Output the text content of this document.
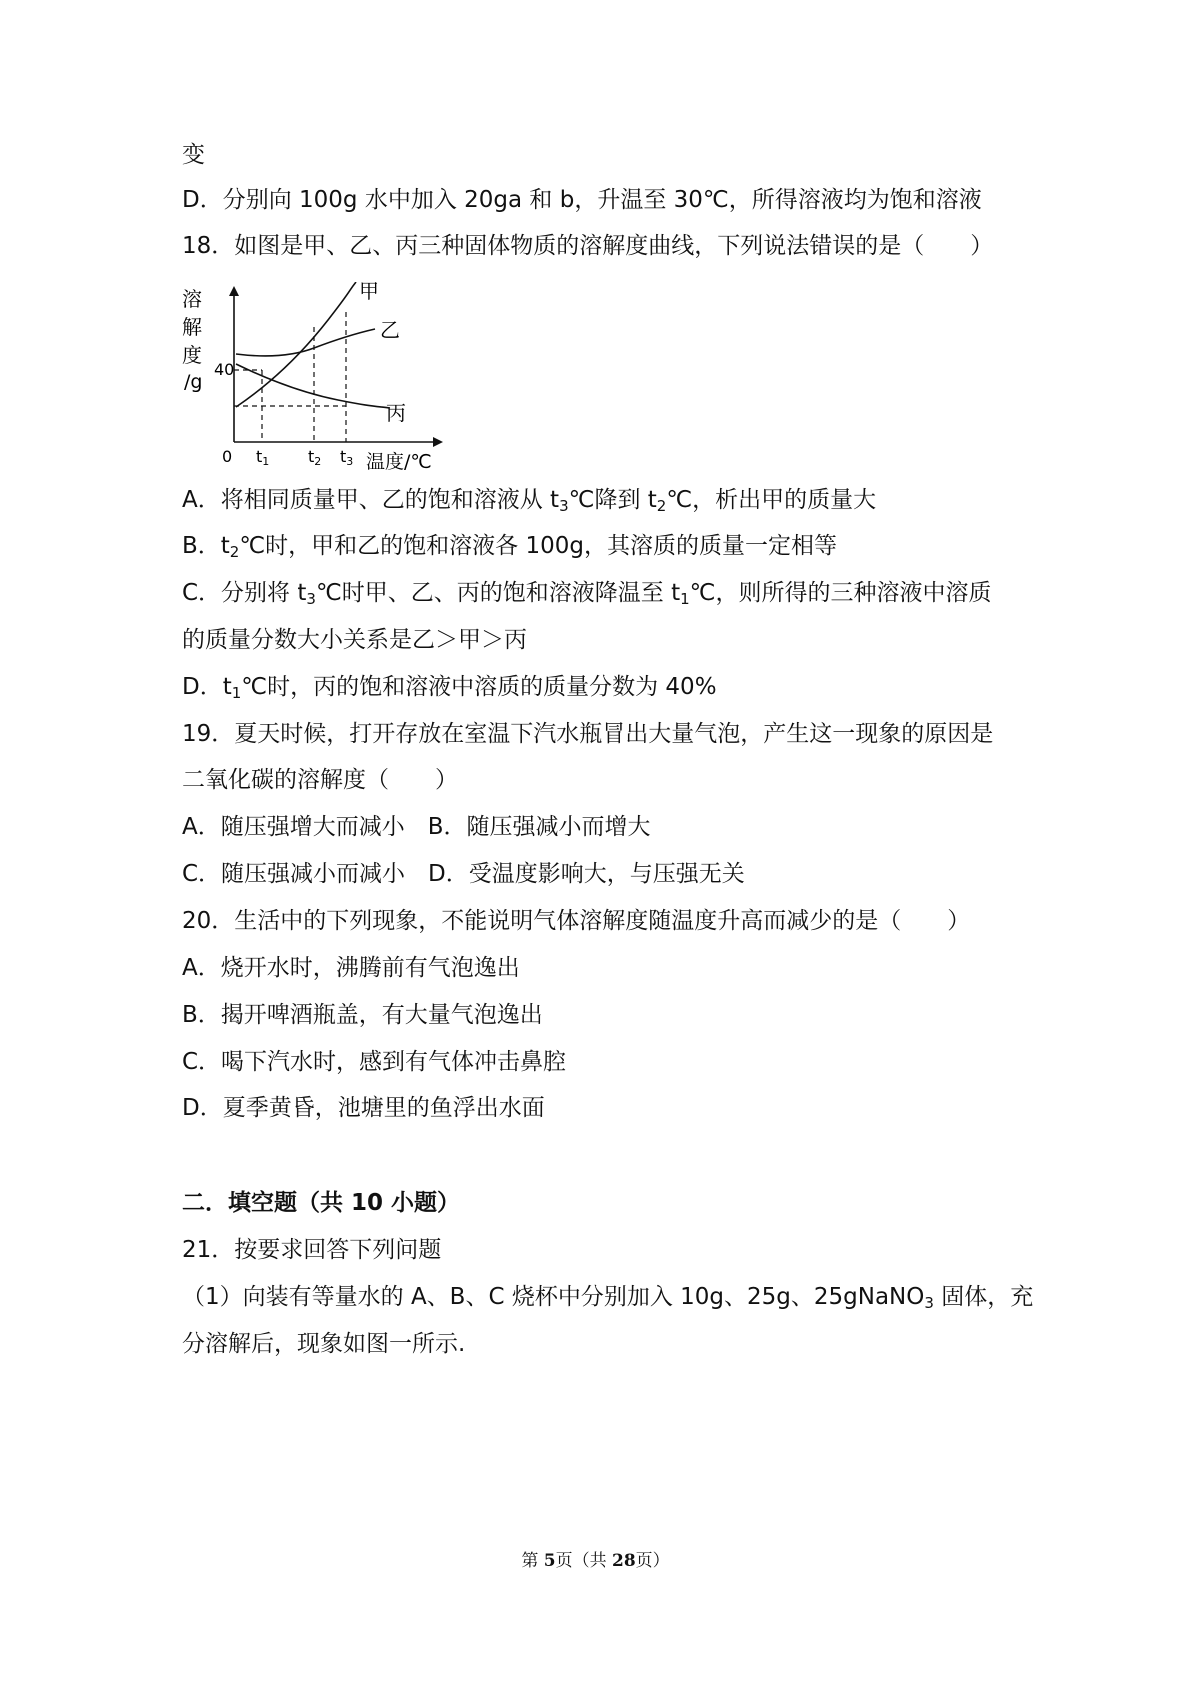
变
D．分别向 100g 水中加入 20ga 和 b，升温至 30℃，所得溶液均为饱和溶液
18．如图是甲、乙、丙三种固体物质的溶解度曲线，下列说法错误的是（　　）
溶
解
度
/g
甲
乙
丙
40
0 t1 t2 t3 温度/℃
A．将相同质量甲、乙的饱和溶液从 $t_3℃$降到 $t_2℃$，析出甲的质量大
B．$t_2℃$时，甲和乙的饱和溶液各 100g，其溶质的质量一定相等
C．分别将 $t_3℃$时甲、乙、丙的饱和溶液降温至 $t_1℃$，则所得的三种溶液中溶质
的质量分数大小关系是乙＞甲＞丙
D．$t_1℃$时，丙的饱和溶液中溶质的质量分数为 40%
19．夏天时候，打开存放在室温下汽水瓶冒出大量气泡，产生这一现象的原因是
二氧化碳的溶解度（　　）
A．随压强增大而减小　B．随压强减小而增大
C．随压强减小而减小　D．受温度影响大，与压强无关
20．生活中的下列现象，不能说明气体溶解度随温度升高而减少的是（　　）
A．烧开水时，沸腾前有气泡逸出
B．揭开啤酒瓶盖，有大量气泡逸出
C．喝下汽水时，感到有气体冲击鼻腔
D．夏季黄昏，池塘里的鱼浮出水面
二．填空题（共 10 小题）
21．按要求回答下列问题
（1）向装有等量水的 A、B、C 烧杯中分别加入 10g、25g、25gNaNO$_3$ 固体，充
分溶解后，现象如图一所示.
第 5页（共 28页）
